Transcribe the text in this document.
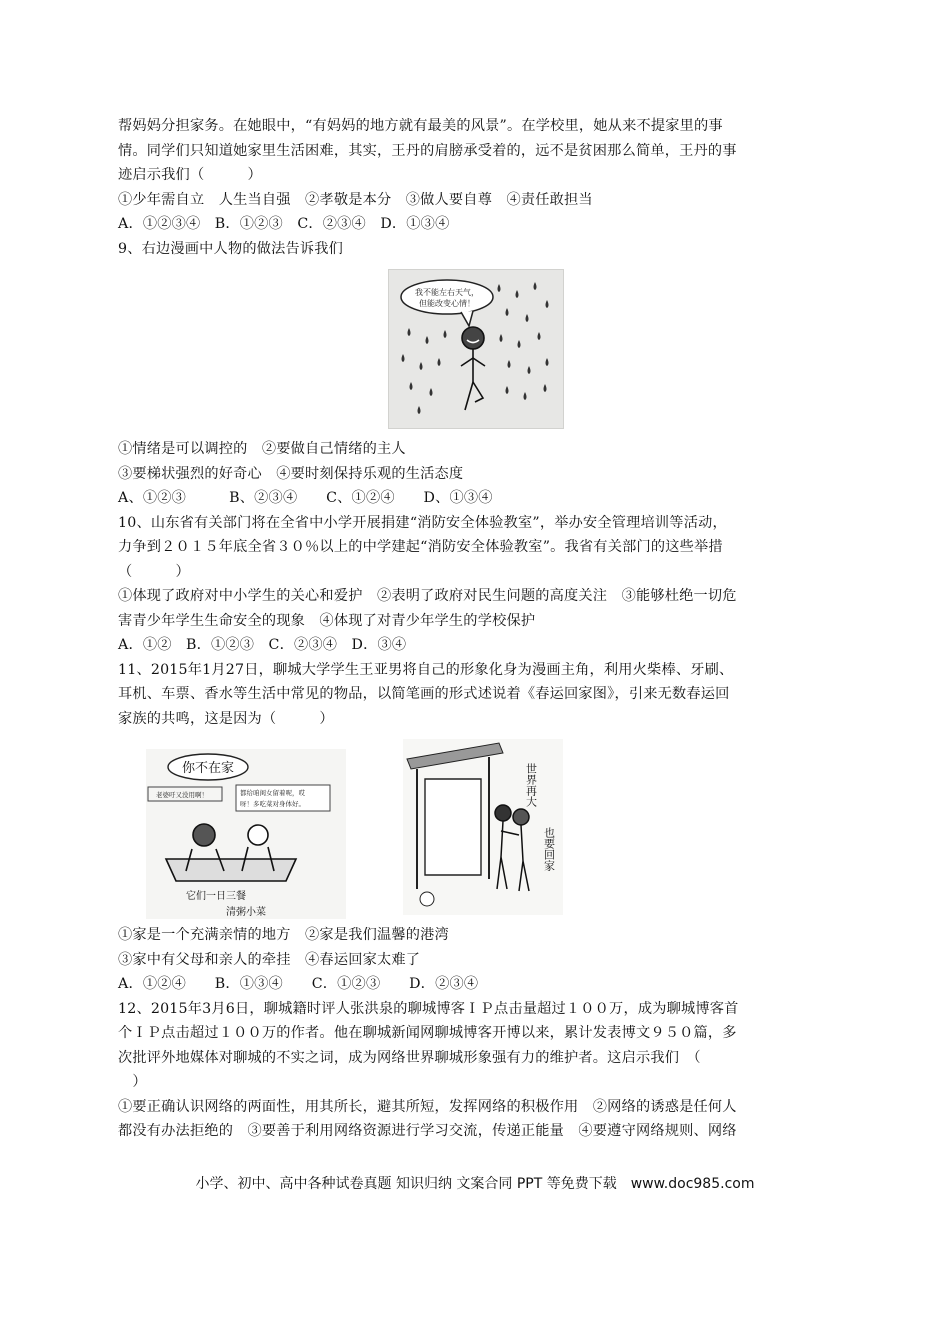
帮妈妈分担家务。在她眼中，“有妈妈的地方就有最美的风景”。在学校里，她从来不提家里的事
情。同学们只知道她家里生活困难，其实，王丹的肩膀承受着的，远不是贫困那么简单，王丹的事
迹启示我们（　　　）
①少年需自立　人生当自强　②孝敬是本分　③做人要自尊　④责任敢担当
A．①②③④　B．①②③　C．②③④　D．①③④
9、右边漫画中人物的做法告诉我们
我不能左右天气，
但能改变心情！
①情绪是可以调控的　②要做自己情绪的主人
③要梯状强烈的好奇心　④要时刻保持乐观的生活态度
A、①②③　　　B、②③④　　C、①②④　　D、①③④
10、山东省有关部门将在全省中小学开展捐建“消防安全体验教室”，举办安全管理培训等活动，
力争到２０１５年底全省３０％以上的中学建起“消防安全体验教室”。我省有关部门的这些举措
（　　　）
①体现了政府对中小学生的关心和爱护　②表明了政府对民生问题的高度关注　③能够杜绝一切危
害青少年学生生命安全的现象　④体现了对青少年学生的学校保护
A．①②　B．①②③　C．②③④　D．③④
11、2015年1月27日，聊城大学学生王亚男将自己的形象化身为漫画主角，利用火柴棒、牙刷、
耳机、车票、香水等生活中常见的物品，以简笔画的形式述说着《春运回家图》，引来无数春运回
家族的共鸣，这是因为（　　　）
你不在家
老婆吁又没用啊！	都给咱闺女留着呢，哎
呀！多吃菜对身体好。
它们一日三餐
清粥小菜
世界再大
也要回家
①家是一个充满亲情的地方　②家是我们温馨的港湾
③家中有父母和亲人的牵挂　④春运回家太难了
A．①②④　　B．①③④　　C．①②③　　D．②③④
12、2015年3月6日，聊城籍时评人张洪泉的聊城博客ＩＰ点击量超过１００万，成为聊城博客首
个ＩＰ点击超过１００万的作者。他在聊城新闻网聊城博客开博以来，累计发表博文９５０篇，多
次批评外地媒体对聊城的不实之词，成为网络世界聊城形象强有力的维护者。这启示我们　（
　）
①要正确认识网络的两面性，用其所长，避其所短，发挥网络的积极作用　②网络的诱惑是任何人
都没有办法拒绝的　③要善于利用网络资源进行学习交流，传递正能量　④要遵守网络规则、网络
小学、初中、高中各种试卷真题 知识归纳 文案合同 PPT 等免费下载　www.doc985.com
